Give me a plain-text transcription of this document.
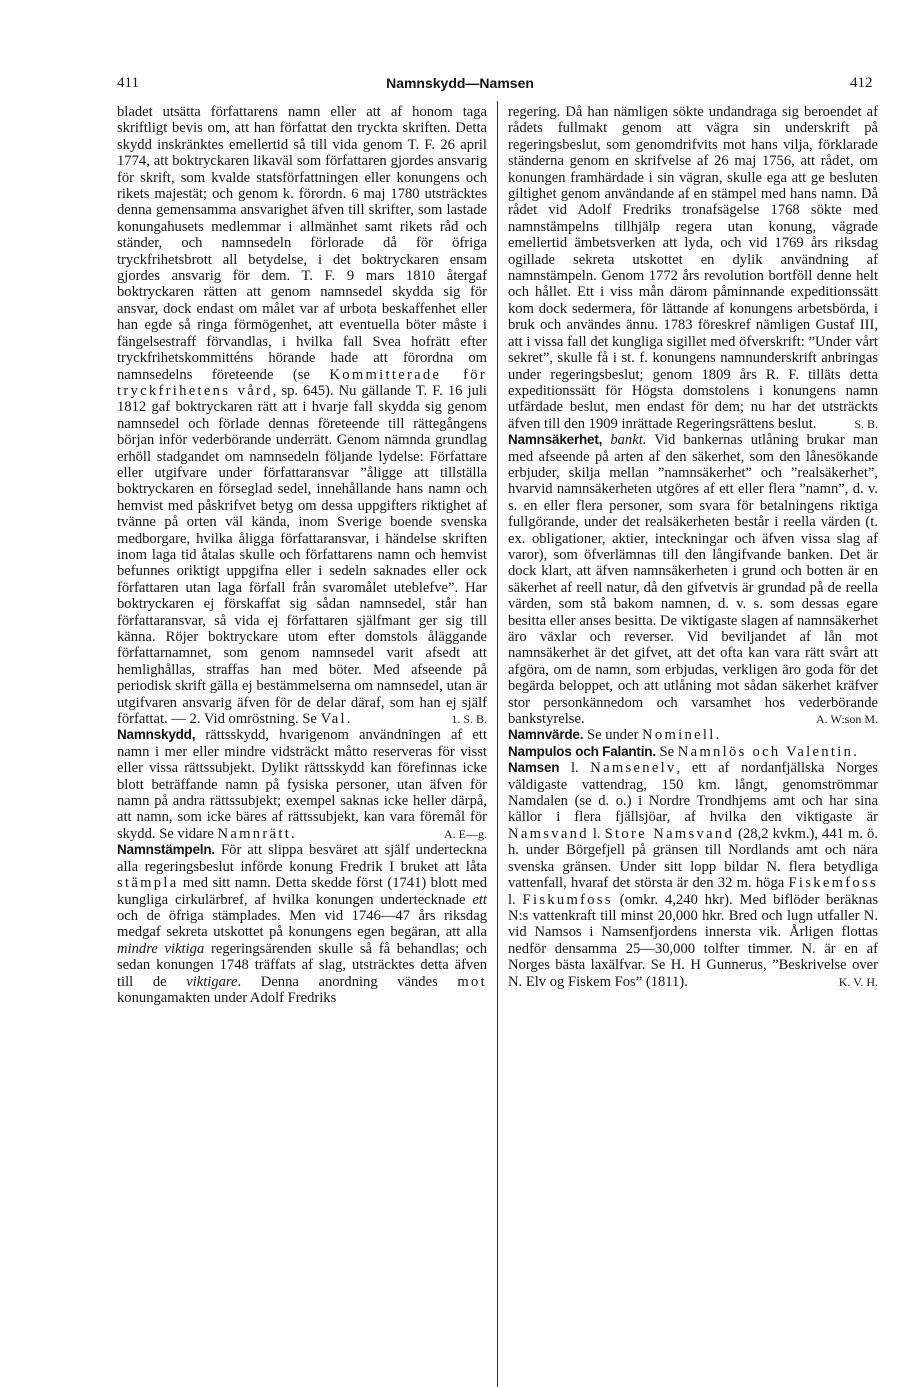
411	Namnskydd—Namsen	412

bladet utsätta författarens namn eller att af honom taga skriftligt bevis om, att han författat den tryckta skriften. Detta skydd inskränktes emellertid så till vida genom T. F. 26 april 1774, att boktryckaren likaväl som författaren gjordes ansvarig för skrift, som kvalde statsförfattningen eller konungens och rikets majestät; och genom k. förordn. 6 maj 1780 utsträcktes denna gemensamma ansvarighet äfven till skrifter, som lastade konungahusets medlemmar i allmänhet samt rikets råd och ständer, och namnsedeln förlorade då för öfriga tryckfrihetsbrott all betydelse, i det boktryckaren ensam gjordes ansvarig för dem. T. F. 9 mars 1810 återgaf boktryckaren rätten att genom namnsedel skydda sig för ansvar, dock endast om målet var af urbota beskaffenhet eller han egde så ringa förmögenhet, att eventuella böter måste i fängelsestraff förvandlas, i hvilka fall Svea hofrätt efter tryckfrihetskommitténs hörande hade att förordna om namnsedelns företeende (se Kommitterade för tryckfrihetens vård, sp. 645). Nu gällande T. F. 16 juli 1812 gaf boktryckaren rätt att i hvarje fall skydda sig genom namnsedel och förlade dennas företeende till rättegångens början inför vederbörande underrätt. Genom nämnda grundlag erhöll stadgandet om namnsedeln följande lydelse: Författare eller utgifvare under författaransvar ”åligge att tillställa boktryckaren en förseglad sedel, innehållande hans namn och hemvist med påskrifvet betyg om dessa uppgifters riktighet af tvänne på orten väl kända, inom Sverige boende svenska medborgare, hvilka åligga författaransvar, i händelse skriften inom laga tid åtalas skulle och författarens namn och hemvist befunnes oriktigt uppgifna eller i sedeln saknades eller ock författaren utan laga förfall från svaromålet uteblefve”. Har boktryckaren ej förskaffat sig sådan namnsedel, står han författaransvar, så vida ej författaren själfmant ger sig till känna. Röjer boktryckare utom efter domstols åläggande författarnamnet, som genom namnsedel varit afsedt att hemlighållas, straffas han med böter. Med afseende på periodisk skrift gälla ej bestämmelserna om namnsedel, utan är utgifvaren ansvarig äfven för de delar däraf, som han ej själf författat. — 2. Vid omröstning. Se Val.	1. S. B.

Namnskydd, rättsskydd, hvarigenom användningen af ett namn i mer eller mindre vidsträckt måtto reserveras för visst eller vissa rättssubjekt. Dylikt rättsskydd kan förefinnas icke blott beträffande namn på fysiska personer, utan äfven för namn på andra rättssubjekt; exempel saknas icke heller därpå, att namn, som icke bäres af rättssubjekt, kan vara föremål för skydd. Se vidare Namnrätt.	A. E—g.

Namnstämpeln. För att slippa besväret att själf underteckna alla regeringsbeslut införde konung Fredrik I bruket att låta stämpla med sitt namn. Detta skedde först (1741) blott med kungliga cirkulärbref, af hvilka konungen undertecknade ett och de öfriga stämplades. Men vid 1746—47 års riksdag medgaf sekreta utskottet på konungens egen begäran, att alla mindre viktiga regeringsärenden skulle så få behandlas; och sedan konungen 1748 träffats af slag, utsträcktes detta äfven till de viktigare. Denna anordning vändes mot konungamakten under Adolf Fredriks

regering. Då han nämligen sökte undandraga sig beroendet af rådets fullmakt genom att vägra sin underskrift på regeringsbeslut, som genomdrifvits mot hans vilja, förklarade ständerna genom en skrifvelse af 26 maj 1756, att rådet, om konungen framhärdade i sin vägran, skulle ega att ge besluten giltighet genom användande af en stämpel med hans namn. Då rådet vid Adolf Fredriks tronafsägelse 1768 sökte med namnstämpelns tillhjälp regera utan konung, vägrade emellertid ämbetsverken att lyda, och vid 1769 års riksdag ogillade sekreta utskottet en dylik användning af namnstämpeln. Genom 1772 års revolution bortföll denne helt och hållet. Ett i viss mån därom påminnande expeditionssätt kom dock sedermera, för lättande af konungens arbetsbörda, i bruk och användes ännu. 1783 föreskref nämligen Gustaf III, att i vissa fall det kungliga sigillet med öfverskrift: ”Under vårt sekret”, skulle få i st. f. konungens namnunderskrift anbringas under regeringsbeslut; genom 1809 års R. F. tilläts detta expeditionssätt för Högsta domstolens i konungens namn utfärdade beslut, men endast för dem; nu har det utsträckts äfven till den 1909 inrättade Regeringsrättens beslut.	S. B.

Namnsäkerhet, bankt. Vid bankernas utlåning brukar man med afseende på arten af den säkerhet, som den lånesökande erbjuder, skilja mellan ”namnsäkerhet” och ”realsäkerhet”, hvarvid namnsäkerheten utgöres af ett eller flera ”namn”, d. v. s. en eller flera personer, som svara för betalningens riktiga fullgörande, under det realsäkerheten består i reella värden (t. ex. obligationer, aktier, inteckningar och äfven vissa slag af varor), som öfverlämnas till den långifvande banken. Det är dock klart, att äfven namnsäkerheten i grund och botten är en säkerhet af reell natur, då den gifvetvis är grundad på de reella värden, som stå bakom namnen, d. v. s. som dessas egare besitta eller anses besitta. De viktigaste slagen af namnsäkerhet äro växlar och reverser. Vid beviljandet af lån mot namnsäkerhet är det gifvet, att det ofta kan vara rätt svårt att afgöra, om de namn, som erbjudas, verkligen äro goda för det begärda beloppet, och att utlåning mot sådan säkerhet kräfver stor personkännedom och varsamhet hos vederbörande bankstyrelse.	A. W:son M.

Namnvärde. Se under Nominell.

Nampulos och Falantin. Se Namnlös och Valentin.

Namsen l. Namsenelv, ett af nordanfjällska Norges väldigaste vattendrag, 150 km. långt, genomströmmar Namdalen (se d. o.) i Nordre Trondhjems amt och har sina källor i flera fjällsjöar, af hvilka den viktigaste är Namsvand l. Store Namsvand (28,2 kvkm.), 441 m. ö. h. under Börgefjell på gränsen till Nordlands amt och nära svenska gränsen. Under sitt lopp bildar N. flera betydliga vattenfall, hvaraf det största är den 32 m. höga Fiskemfoss l. Fiskumfoss (omkr. 4,240 hkr). Med biflöder beräknas N:s vattenkraft till minst 20,000 hkr. Bred och lugn utfaller N. vid Namsos i Namsenfjordens innersta vik. Årligen flottas nedför densamma 25—30,000 tolfter timmer. N. är en af Norges bästa laxälfvar. Se H. H Gunnerus, ”Beskrivelse over N. Elv og Fiskem Fos” (1811).	K. V. H.
